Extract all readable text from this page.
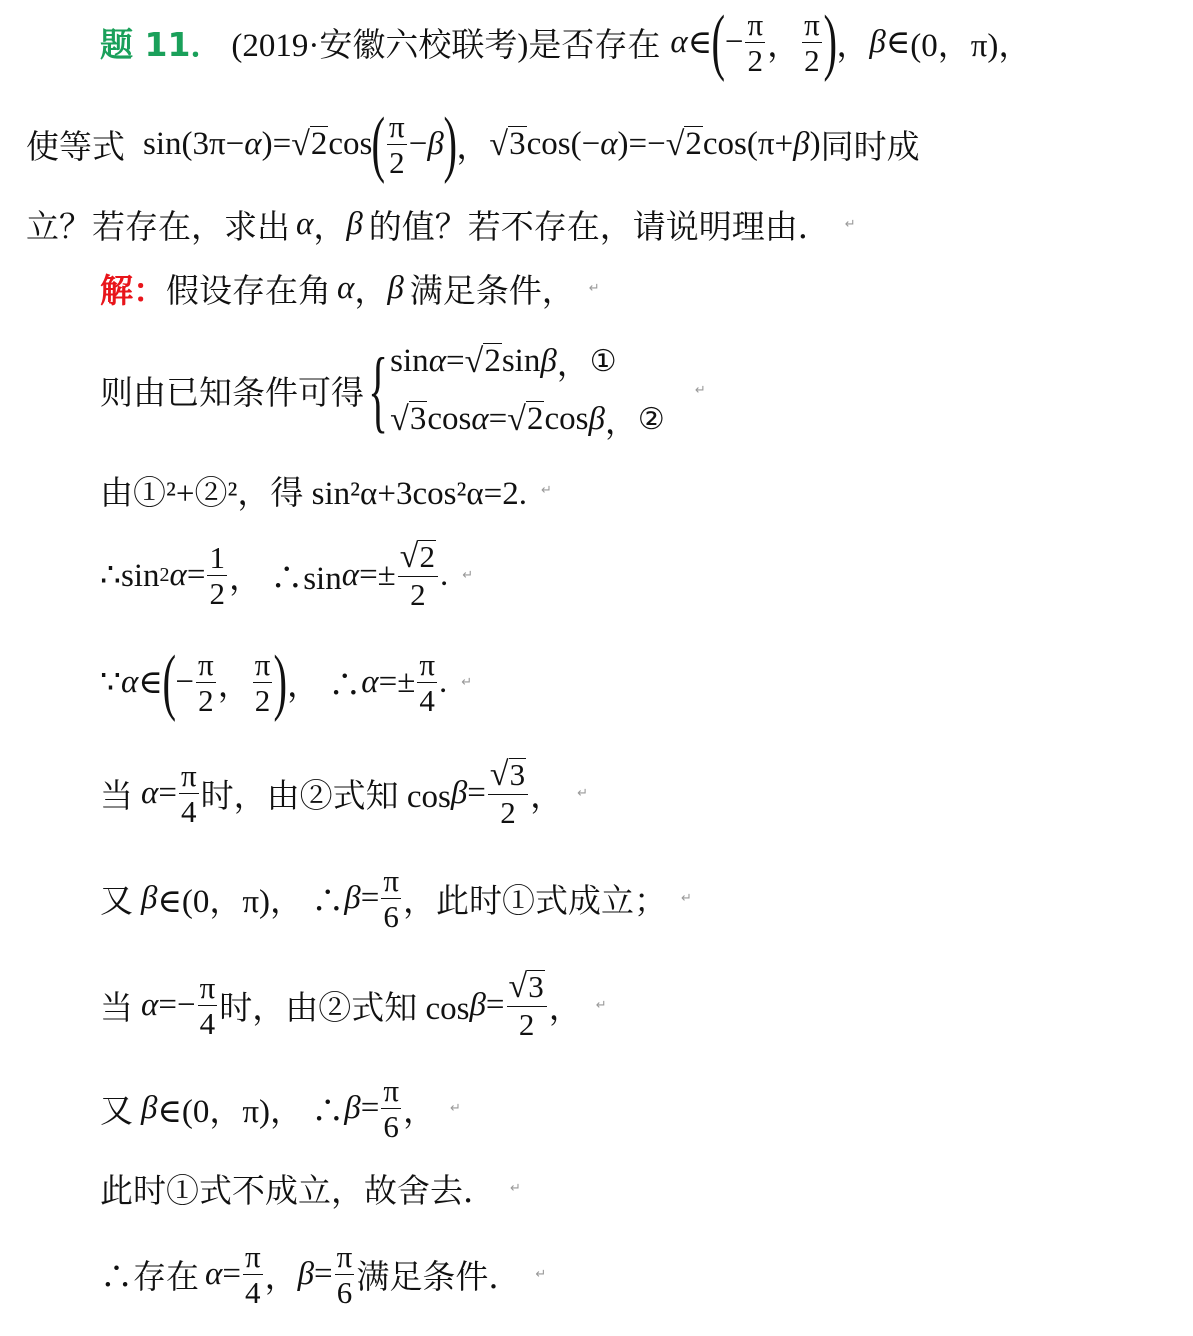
题 11． (2019·安徽六校联考) 是否存在 α ∈ ( − $\frac{\pi}{2}$ ， $\frac{\pi}{2}$ ) ， β ∈ (0，π)，
使等式 sin(3π− α )= √ 2 cos ( $\frac{\pi}{2} - \beta$ ) ， √ 3 cos(− α )=− √ 2 cos(π+ β ) 同时成
立？若存在，求出 α ， β 的值？若不存在，请说明理由． ↵
解： 假设存在角 α ， β 满足条件， ↵
则由已知条件可得 { sin α = √ 2 sin β ， ①
√ 3 cos α = √ 2 cos β ， ②
↵
由①²+②²，得 sin²α+3cos²α=2. ↵
∴sin 2 $\alpha = \frac{1}{2}$ ， ∴sin $\alpha =\pm \frac{√ 2}{2}$ . ↵
∵ α ∈ ( − $\frac{\pi}{2}$ ， $\frac{\pi}{2}$ ) ， ∴ $\alpha =\pm \frac{\pi}{4}$ . ↵
当 $\alpha = \frac{\pi}{4}$ 时，由②式知 $\cos \beta = \frac{√ 3}{2}$ ， ↵
又 β ∈(0，π)， ∴ $\beta = \frac{\pi}{6}$ ，此时①式成立； ↵
当 $\alpha =- \frac{\pi}{4}$ 时，由②式知 $\cos \beta = \frac{√ 3}{2}$ ， ↵
又 β ∈(0，π)， ∴ $\beta = \frac{\pi}{6}$ ， ↵
此时①式不成立，故舍去． ↵
∴存在 $\alpha = \frac{\pi}{4}$ ， $\beta = \frac{\pi}{6}$ 满足条件． ↵
